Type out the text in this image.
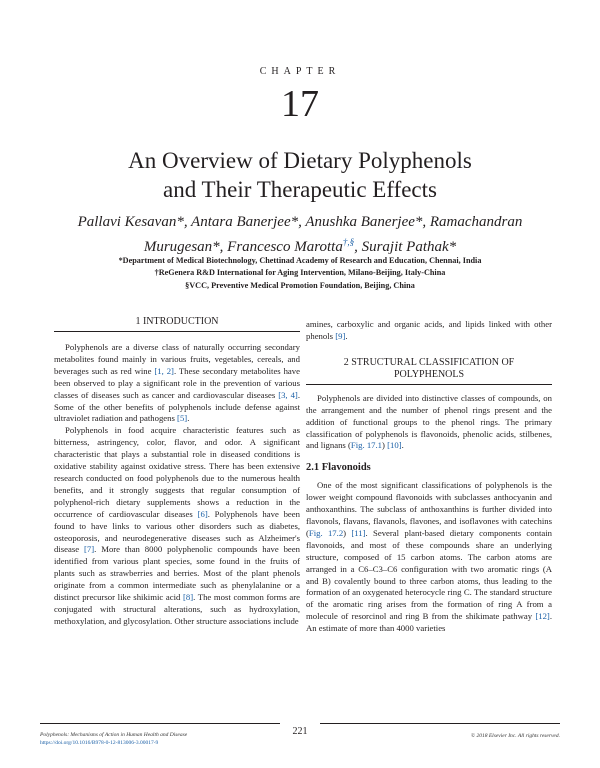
CHAPTER
17
An Overview of Dietary Polyphenols
and Their Therapeutic Effects
Pallavi Kesavan*, Antara Banerjee*, Anushka Banerjee*, Ramachandran
Murugesan*, Francesco Marotta†,§, Surajit Pathak*
*Department of Medical Biotechnology, Chettinad Academy of Research and Education, Chennai, India
†ReGenera R&D International for Aging Intervention, Milano-Beijing, Italy-China
§VCC, Preventive Medical Promotion Foundation, Beijing, China
1 INTRODUCTION

Polyphenols are a diverse class of naturally occurring secondary metabolites found mainly in various fruits, vegetables, cereals, and beverages such as red wine [1, 2]. These secondary metabolites have been observed to play a significant role in the prevention of various classes of diseases such as cancer and cardiovascular diseases [3, 4]. Some of the other benefits of polyphenols include defense against ultraviolet radiation and pathogens [5].

Polyphenols in food acquire characteristic features such as bitterness, astringency, color, flavor, and odor. A significant characteristic that plays a substantial role in diseased conditions is oxidative stability against oxidative stress. There has been extensive research conducted on food polyphenols due to the numerous health benefits, and it strongly suggests that regular consumption of polyphenol-rich dietary supplements shows a reduction in the occurrence of cardiovascular diseases [6]. Polyphenols have been found to have links to various other disorders such as diabetes, osteoporosis, and neurodegenerative diseases such as Alzheimer's disease [7]. More than 8000 polyphenolic compounds have been identified from various plant species, some found in the fruits of plants such as strawberries and berries. Most of the plant phenols originate from a common intermediate such as phenylalanine or a distinct precursor like shikimic acid [8]. The most common forms are conjugated with structural alterations, such as hydroxylation, methoxylation, and glycosylation. Other structure associations include

amines, carboxylic and organic acids, and lipids linked with other phenols [9].

2 STRUCTURAL CLASSIFICATION OF
POLYPHENOLS

Polyphenols are divided into distinctive classes of compounds, on the arrangement and the number of phenol rings present and the addition of functional groups to the phenol rings. The primary classification of polyphenols is flavonoids, phenolic acids, stilbenes, and lignans (Fig. 17.1) [10].

2.1 Flavonoids

One of the most significant classifications of polyphenols is the lower weight compound flavonoids with subclasses anthocyanin and anthoxanthins. The subclass of anthoxanthins is further divided into flavonols, flavans, flavanols, flavones, and isoflavones with catechins (Fig. 17.2) [11]. Several plant-based dietary components contain flavonoids, and most of these compounds share an underlying structure, composed of 15 carbon atoms. The carbon atoms are arranged in a C6–C3–C6 configuration with two aromatic rings (A and B) covalently bound to three carbon atoms, thus leading to the formation of an oxygenated heterocycle ring C. The standard structure of the aromatic ring arises from the formation of ring A from a molecule of resorcinol and ring B from the shikimate pathway [12]. An estimate of more than 4000 varieties

Polyphenols: Mechanisms of Action in Human Health and Disease
https://doi.org/10.1016/B978-0-12-813006-3.00017-9
221	© 2018 Elsevier Inc. All rights reserved.
